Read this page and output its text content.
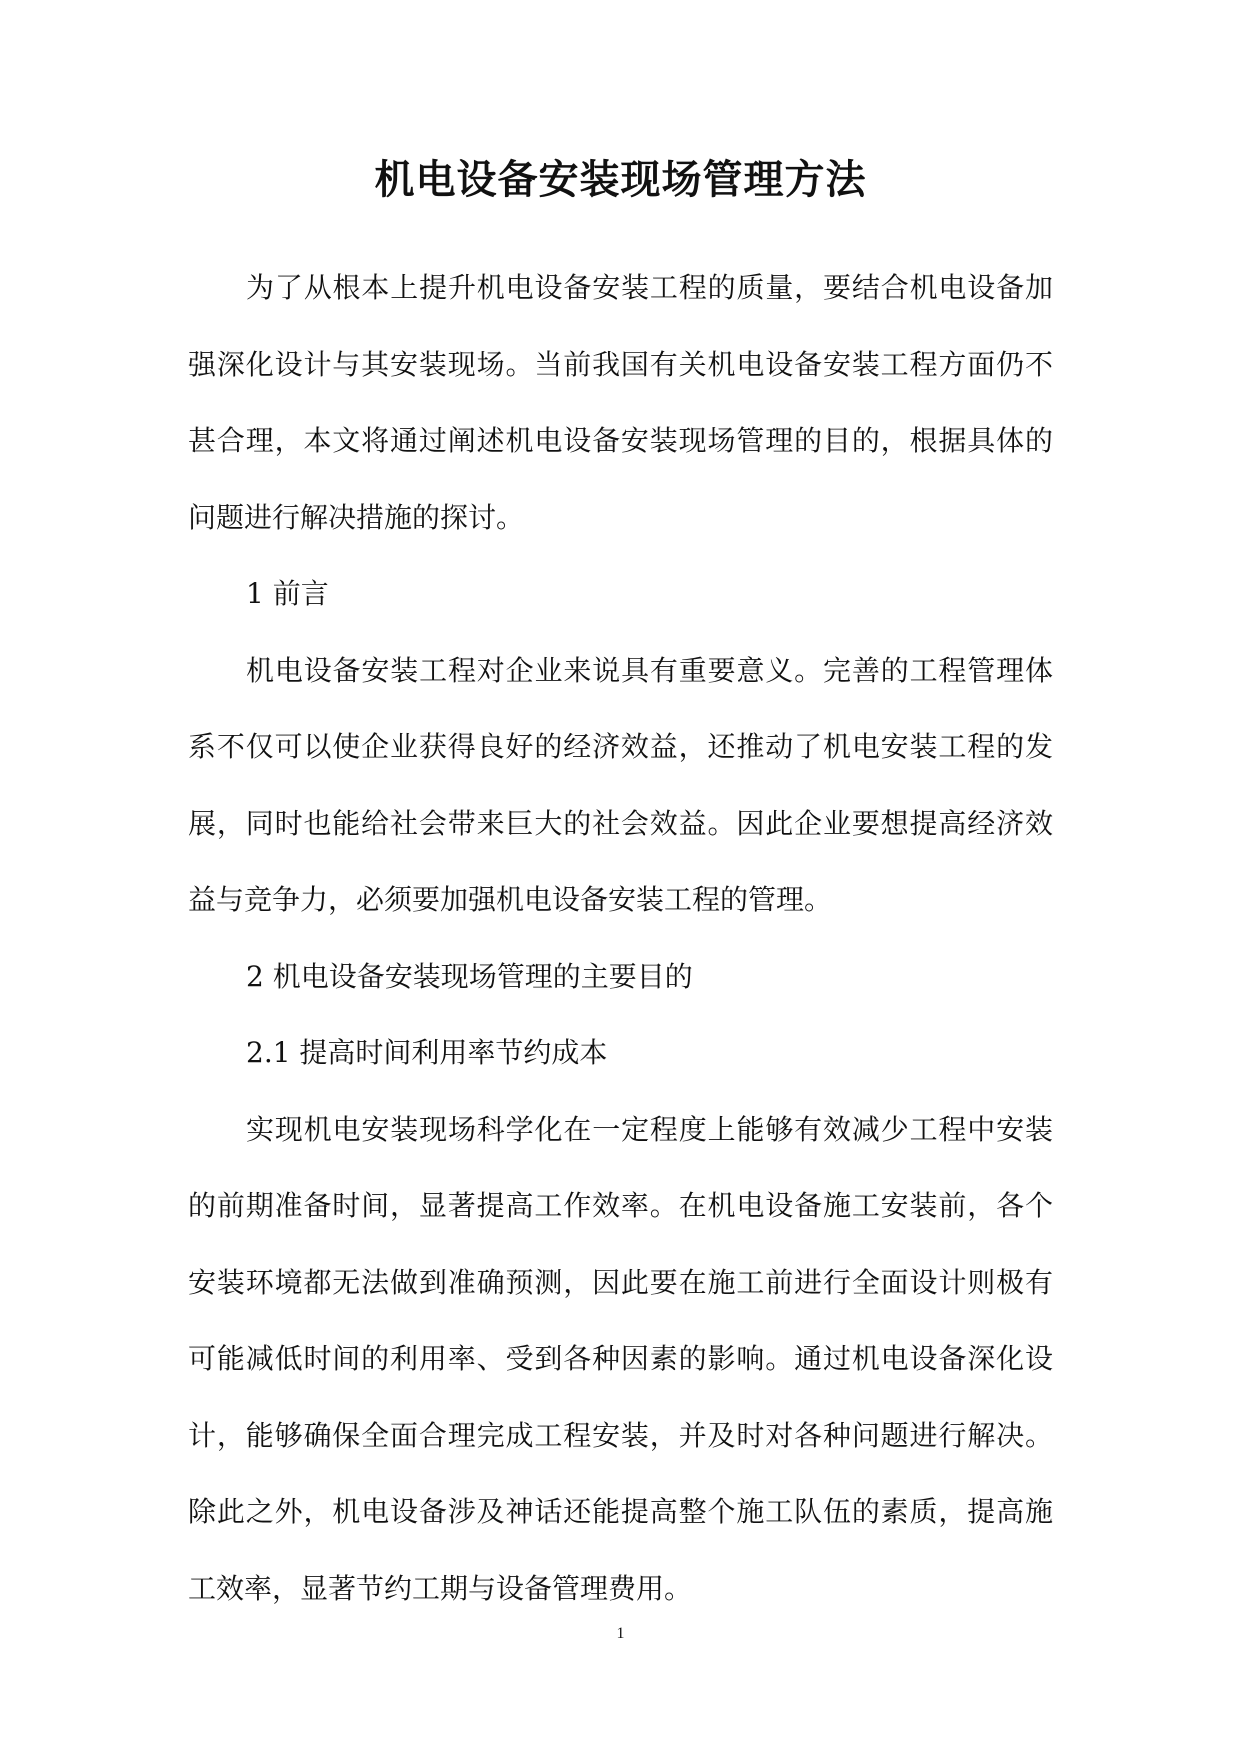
机电设备安装现场管理方法

为了从根本上提升机电设备安装工程的质量，要结合机电设备加强深化设计与其安装现场。当前我国有关机电设备安装工程方面仍不甚合理，本文将通过阐述机电设备安装现场管理的目的，根据具体的问题进行解决措施的探讨。

1 前言

机电设备安装工程对企业来说具有重要意义。完善的工程管理体系不仅可以使企业获得良好的经济效益，还推动了机电安装工程的发展，同时也能给社会带来巨大的社会效益。因此企业要想提高经济效益与竞争力，必须要加强机电设备安装工程的管理。

2 机电设备安装现场管理的主要目的

2.1 提高时间利用率节约成本

实现机电安装现场科学化在一定程度上能够有效减少工程中安装的前期准备时间，显著提高工作效率。在机电设备施工安装前，各个安装环境都无法做到准确预测，因此要在施工前进行全面设计则极有可能减低时间的利用率、受到各种因素的影响。通过机电设备深化设计，能够确保全面合理完成工程安装，并及时对各种问题进行解决。除此之外，机电设备涉及神话还能提高整个施工队伍的素质，提高施工效率，显著节约工期与设备管理费用。

1
